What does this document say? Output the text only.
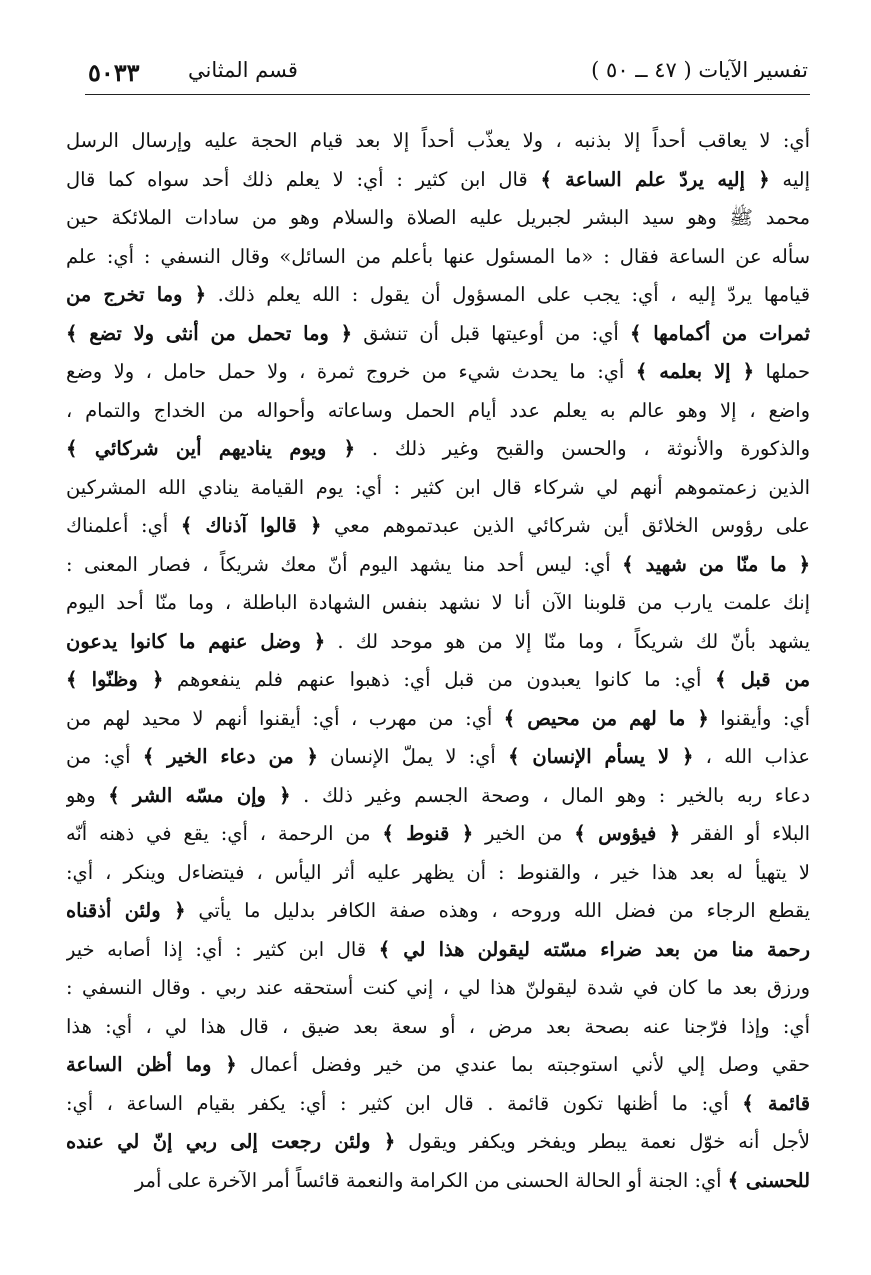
تفسير الآيات ( ٤٧ ــ ٥٠ )
قسم المثاني
٥٠٣٣
أي: لا يعاقب أحداً إلا بذنبه ، ولا يعذّب أحداً إلا بعد قيام الحجة عليه وإرسال الرسل
إليه ﴿ إليه يردّ علم الساعة ﴾ قال ابن كثير : أي: لا يعلم ذلك أحد سواه كما قال
محمد ﷺ وهو سيد البشر لجبريل عليه الصلاة والسلام وهو من سادات الملائكة حين
سأله عن الساعة فقال : «ما المسئول عنها بأعلم من السائل» وقال النسفي : أي: علم
قيامها يردّ إليه ، أي: يجب على المسؤول أن يقول : الله يعلم ذلك. ﴿ وما تخرج من
ثمرات من أكمامها ﴾ أي: من أوعيتها قبل أن تنشق ﴿ وما تحمل من أنثى ولا تضع ﴾
حملها ﴿ إلا بعلمه ﴾ أي: ما يحدث شيء من خروج ثمرة ، ولا حمل حامل ، ولا وضع
واضع ، إلا وهو عالم به يعلم عدد أيام الحمل وساعاته وأحواله من الخداج والتمام ،
والذكورة والأنوثة ، والحسن والقبح وغير ذلك . ﴿ ويوم يناديهم أين شركائي ﴾
الذين زعمتموهم أنهم لي شركاء قال ابن كثير : أي: يوم القيامة ينادي الله المشركين
على رؤوس الخلائق أين شركائي الذين عبدتموهم معي ﴿ قالوا آذناك ﴾ أي: أعلمناك
﴿ ما منّا من شهيد ﴾ أي: ليس أحد منا يشهد اليوم أنّ معك شريكاً ، فصار المعنى :
إنك علمت يارب من قلوبنا الآن أنا لا نشهد بنفس الشهادة الباطلة ، وما منّا أحد اليوم
يشهد بأنّ لك شريكاً ، وما منّا إلا من هو موحد لك . ﴿ وضل عنهم ما كانوا يدعون
من قبل ﴾ أي: ما كانوا يعبدون من قبل أي: ذهبوا عنهم فلم ينفعوهم ﴿ وظنّوا ﴾
أي: وأيقنوا ﴿ ما لهم من محيص ﴾ أي: من مهرب ، أي: أيقنوا أنهم لا محيد لهم من
عذاب الله ، ﴿ لا يسأم الإنسان ﴾ أي: لا يملّ الإنسان ﴿ من دعاء الخير ﴾ أي: من
دعاء ربه بالخير : وهو المال ، وصحة الجسم وغير ذلك . ﴿ وإن مسّه الشر ﴾ وهو
البلاء أو الفقر ﴿ فيؤوس ﴾ من الخير ﴿ قنوط ﴾ من الرحمة ، أي: يقع في ذهنه أنّه
لا يتهيأ له بعد هذا خير ، والقنوط : أن يظهر عليه أثر اليأس ، فيتضاءل وينكر ، أي:
يقطع الرجاء من فضل الله وروحه ، وهذه صفة الكافر بدليل ما يأتي ﴿ ولئن أذقناه
رحمة منا من بعد ضراء مسّته ليقولن هذا لي ﴾ قال ابن كثير : أي: إذا أصابه خير
ورزق بعد ما كان في شدة ليقولنّ هذا لي ، إني كنت أستحقه عند ربي . وقال النسفي :
أي: وإذا فرّجنا عنه بصحة بعد مرض ، أو سعة بعد ضيق ، قال هذا لي ، أي: هذا
حقي وصل إلي لأني استوجبته بما عندي من خير وفضل أعمال ﴿ وما أظن الساعة
قائمة ﴾ أي: ما أظنها تكون قائمة . قال ابن كثير : أي: يكفر بقيام الساعة ، أي:
لأجل أنه خوّل نعمة يبطر ويفخر ويكفر ويقول ﴿ ولئن رجعت إلى ربي إنّ لي عنده
للحسنى ﴾ أي: الجنة أو الحالة الحسنى من الكرامة والنعمة قائساً أمر الآخرة على أمر
